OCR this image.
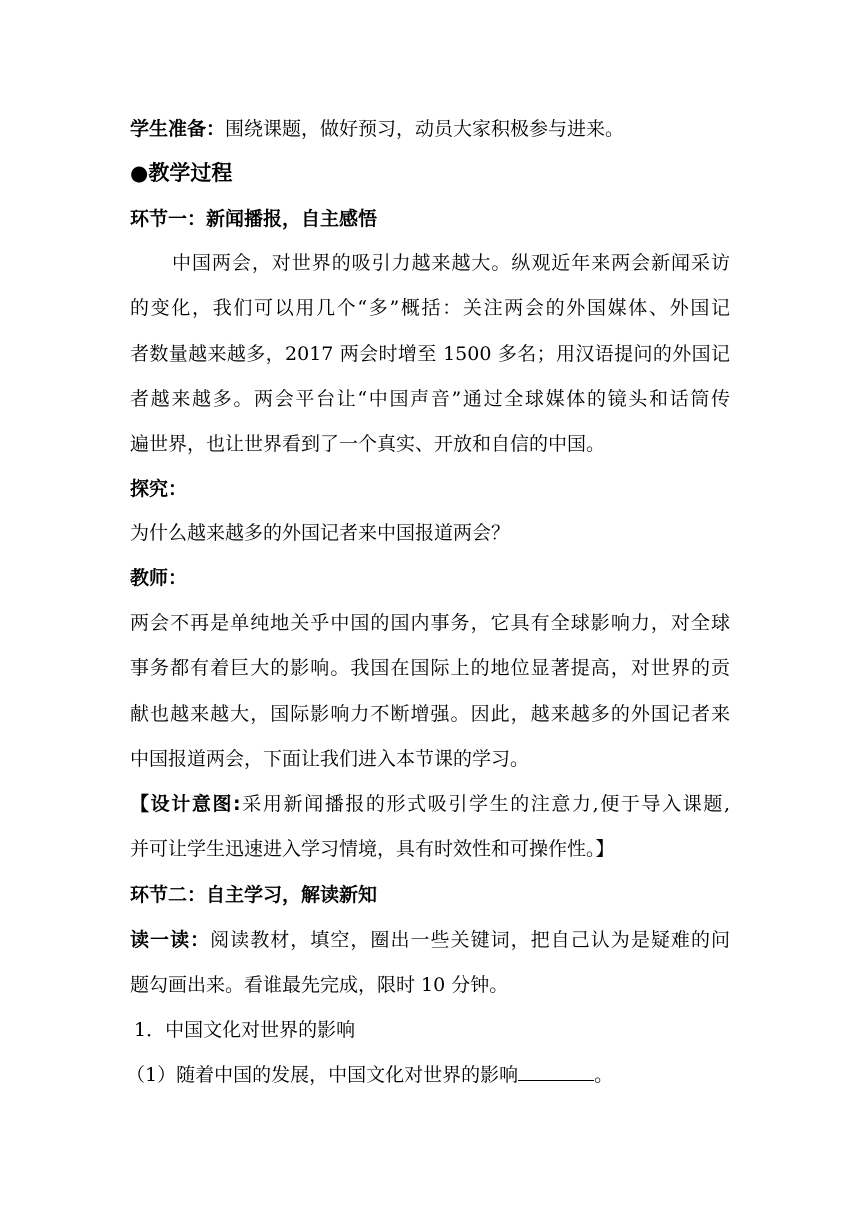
学生准备：围绕课题，做好预习，动员大家积极参与进来。
●教学过程
环节一：新闻播报，自主感悟
中国两会，对世界的吸引力越来越大。纵观近年来两会新闻采访
的变化，我们可以用几个“多”概括：关注两会的外国媒体、外国记
者数量越来越多，2017 两会时增至 1500 多名；用汉语提问的外国记
者越来越多。两会平台让“中国声音”通过全球媒体的镜头和话筒传
遍世界，也让世界看到了一个真实、开放和自信的中国。
探究：
为什么越来越多的外国记者来中国报道两会？
教师：
两会不再是单纯地关乎中国的国内事务，它具有全球影响力，对全球
事务都有着巨大的影响。我国在国际上的地位显著提高，对世界的贡
献也越来越大，国际影响力不断增强。因此，越来越多的外国记者来
中国报道两会，下面让我们进入本节课的学习。
【设计意图:采用新闻播报的形式吸引学生的注意力,便于导入课题,
并可让学生迅速进入学习情境，具有时效性和可操作性。】
环节二：自主学习，解读新知
读一读：阅读教材，填空，圈出一些关键词，把自己认为是疑难的问
题勾画出来。看谁最先完成，限时 10 分钟。
1．中国文化对世界的影响
（1）随着中国的发展，中国文化对世界的影响	。
